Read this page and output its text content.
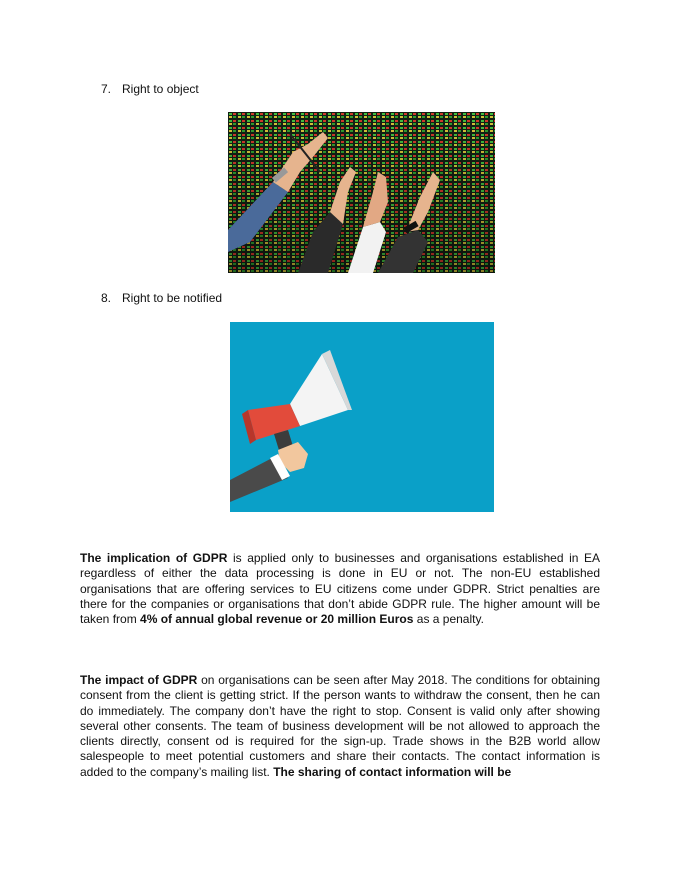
7. Right to object
8. Right to be notified

The implication of GDPR is applied only to businesses and organisations established in EA regardless of either the data processing is done in EU or not. The non-EU established organisations that are offering services to EU citizens come under GDPR. Strict penalties are there for the companies or organisations that don’t abide GDPR rule. The higher amount will be taken from 4% of annual global revenue or 20 million Euros as a penalty.

The impact of GDPR on organisations can be seen after May 2018. The conditions for obtaining consent from the client is getting strict. If the person wants to withdraw the consent, then he can do immediately. The company don’t have the right to stop. Consent is valid only after showing several other consents. The team of business development will be not allowed to approach the clients directly, consent od is required for the sign-up. Trade shows in the B2B world allow salespeople to meet potential customers and share their contacts. The contact information is added to the company’s mailing list. The sharing of contact information will be
